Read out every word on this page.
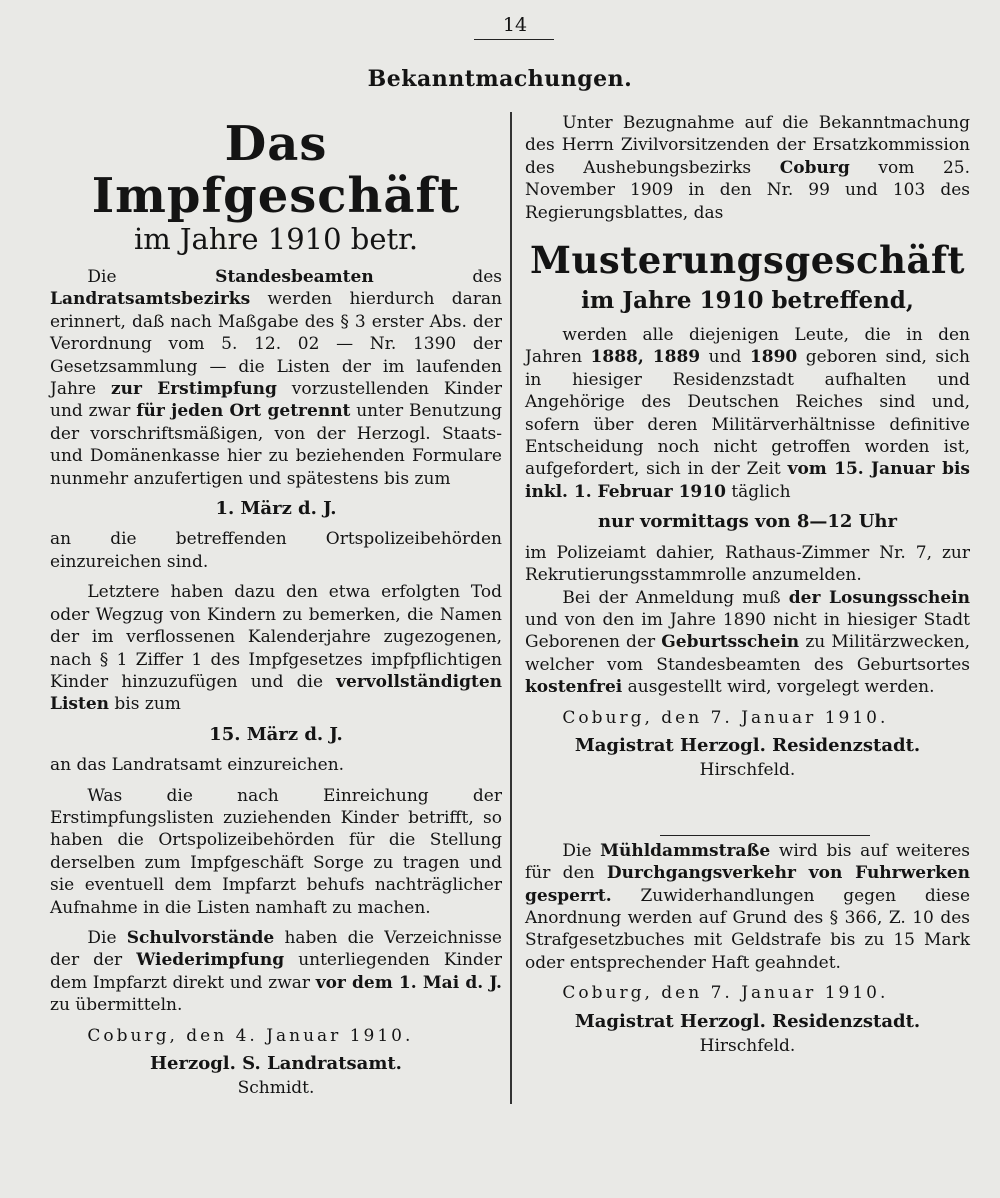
14
Bekanntmachungen.
Das Impfgeschäft
im Jahre 1910 betr.

Die Standesbeamten des Landratsamtsbezirks werden hierdurch daran erinnert, daß nach Maßgabe des § 3 erster Abs. der Verordnung vom 5. 12. 02 — Nr. 1390 der Gesetzsammlung — die Listen der im laufenden Jahre zur Erstimpfung vorzustellenden Kinder und zwar für jeden Ort getrennt unter Benutzung der vorschriftsmäßigen, von der Herzogl. Staats- und Domänenkasse hier zu beziehenden Formulare nunmehr anzufertigen und spätestens bis zum

1. März d. J.

an die betreffenden Ortspolizeibehörden einzureichen sind.

Letztere haben dazu den etwa erfolgten Tod oder Wegzug von Kindern zu bemerken, die Namen der im verflossenen Kalenderjahre zugezogenen, nach § 1 Ziffer 1 des Impfgesetzes impfpflichtigen Kinder hinzuzufügen und die vervollständigten Listen bis zum

15. März d. J.

an das Landratsamt einzureichen.

Was die nach Einreichung der Erstimpfungslisten zuziehenden Kinder betrifft, so haben die Ortspolizeibehörden für die Stellung derselben zum Impfgeschäft Sorge zu tragen und sie eventuell dem Impfarzt behufs nachträglicher Aufnahme in die Listen namhaft zu machen.

Die Schulvorstände haben die Verzeichnisse der der Wiederimpfung unterliegenden Kinder dem Impfarzt direkt und zwar vor dem 1. Mai d. J. zu übermitteln.

Coburg, den 4. Januar 1910.

Herzogl. S. Landratsamt.
Schmidt.

Unter Bezugnahme auf die Bekanntmachung des Herrn Zivilvorsitzenden der Ersatzkommission des Aushebungsbezirks Coburg vom 25. November 1909 in den Nr. 99 und 103 des Regierungsblattes, das

Musterungsgeschäft
im Jahre 1910 betreffend,

werden alle diejenigen Leute, die in den Jahren 1888, 1889 und 1890 geboren sind, sich in hiesiger Residenzstadt aufhalten und Angehörige des Deutschen Reiches sind und, sofern über deren Militärverhältnisse definitive Entscheidung noch nicht getroffen worden ist, aufgefordert, sich in der Zeit vom 15. Januar bis inkl. 1. Februar 1910 täglich

nur vormittags von 8—12 Uhr

im Polizeiamt dahier, Rathaus-Zimmer Nr. 7, zur Rekrutierungsstammrolle anzumelden.

Bei der Anmeldung muß der Losungsschein und von den im Jahre 1890 nicht in hiesiger Stadt Geborenen der Geburtsschein zu Militärzwecken, welcher vom Standesbeamten des Geburtsortes kostenfrei ausgestellt wird, vorgelegt werden.

Coburg, den 7. Januar 1910.

Magistrat Herzogl. Residenzstadt.
Hirschfeld.

Die Mühldammstraße wird bis auf weiteres für den Durchgangsverkehr von Fuhrwerken gesperrt. Zuwiderhandlungen gegen diese Anordnung werden auf Grund des § 366, Z. 10 des Strafgesetzbuches mit Geldstrafe bis zu 15 Mark oder entsprechender Haft geahndet.

Coburg, den 7. Januar 1910.

Magistrat Herzogl. Residenzstadt.
Hirschfeld.
